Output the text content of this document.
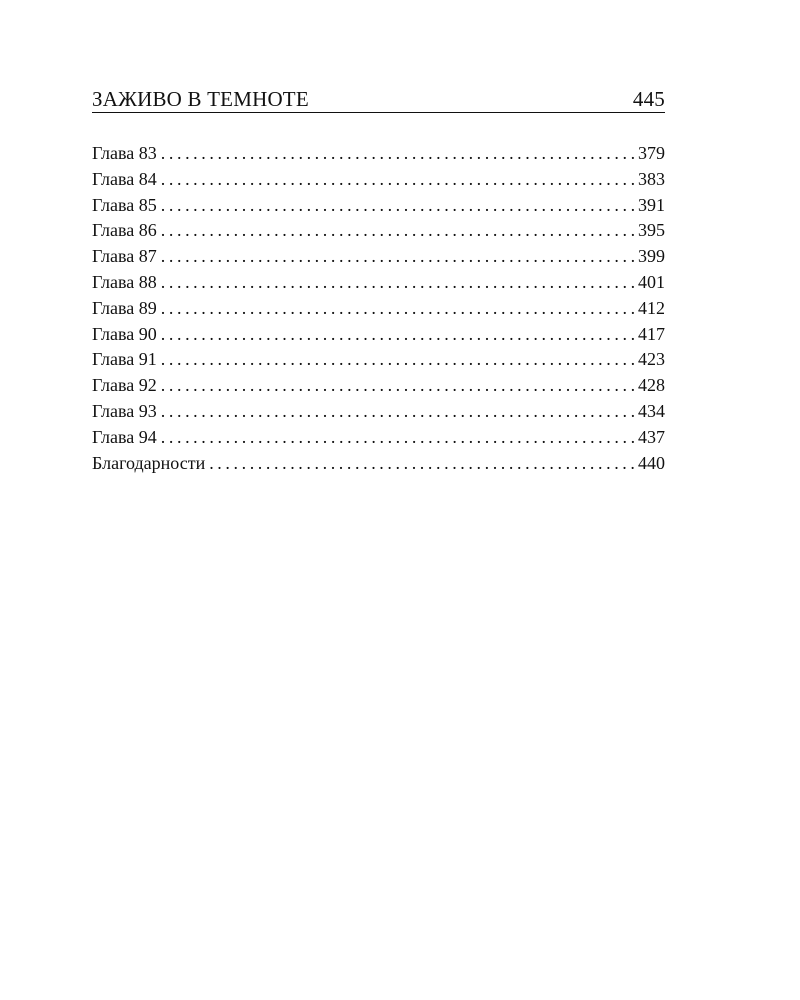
ЗАЖИВО В ТЕМНОТЕ	445
Глава 83 .....	379
Глава 84 .....	383
Глава 85 .....	391
Глава 86 .....	395
Глава 87 .....	399
Глава 88 .....	401
Глава 89 .....	412
Глава 90 .....	417
Глава 91 .....	423
Глава 92 .....	428
Глава 93 .....	434
Глава 94 .....	437
Благодарности .....	440
